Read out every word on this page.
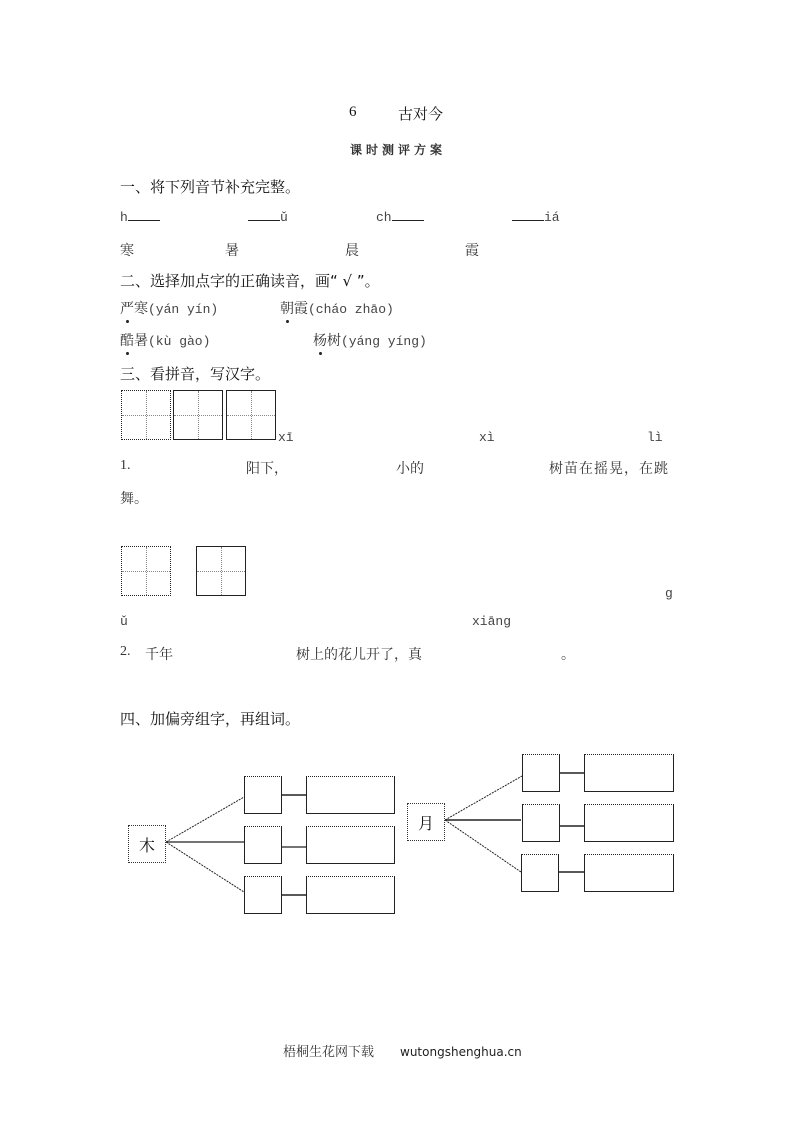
6	古对今
课时测评方案
一、将下列音节补充完整。
h	ǔ	ch	iá
寒	暑	晨	霞
二、选择加点字的正确读音，画“ √ ”。
严寒(yán yín)	朝霞(cháo zhāo)
酷暑(kù gào)	杨树(yáng yíng)
三、看拼音，写汉字。
xī	xì	lì
1.	阳下，	小的	树苗在摇晃，在跳
舞。
g
ǔ	xiāng
2. 千年	树上的花儿开了，真	。
四、加偏旁组字，再组词。
木
月
梧桐生花网下载 wutongshenghua.cn
